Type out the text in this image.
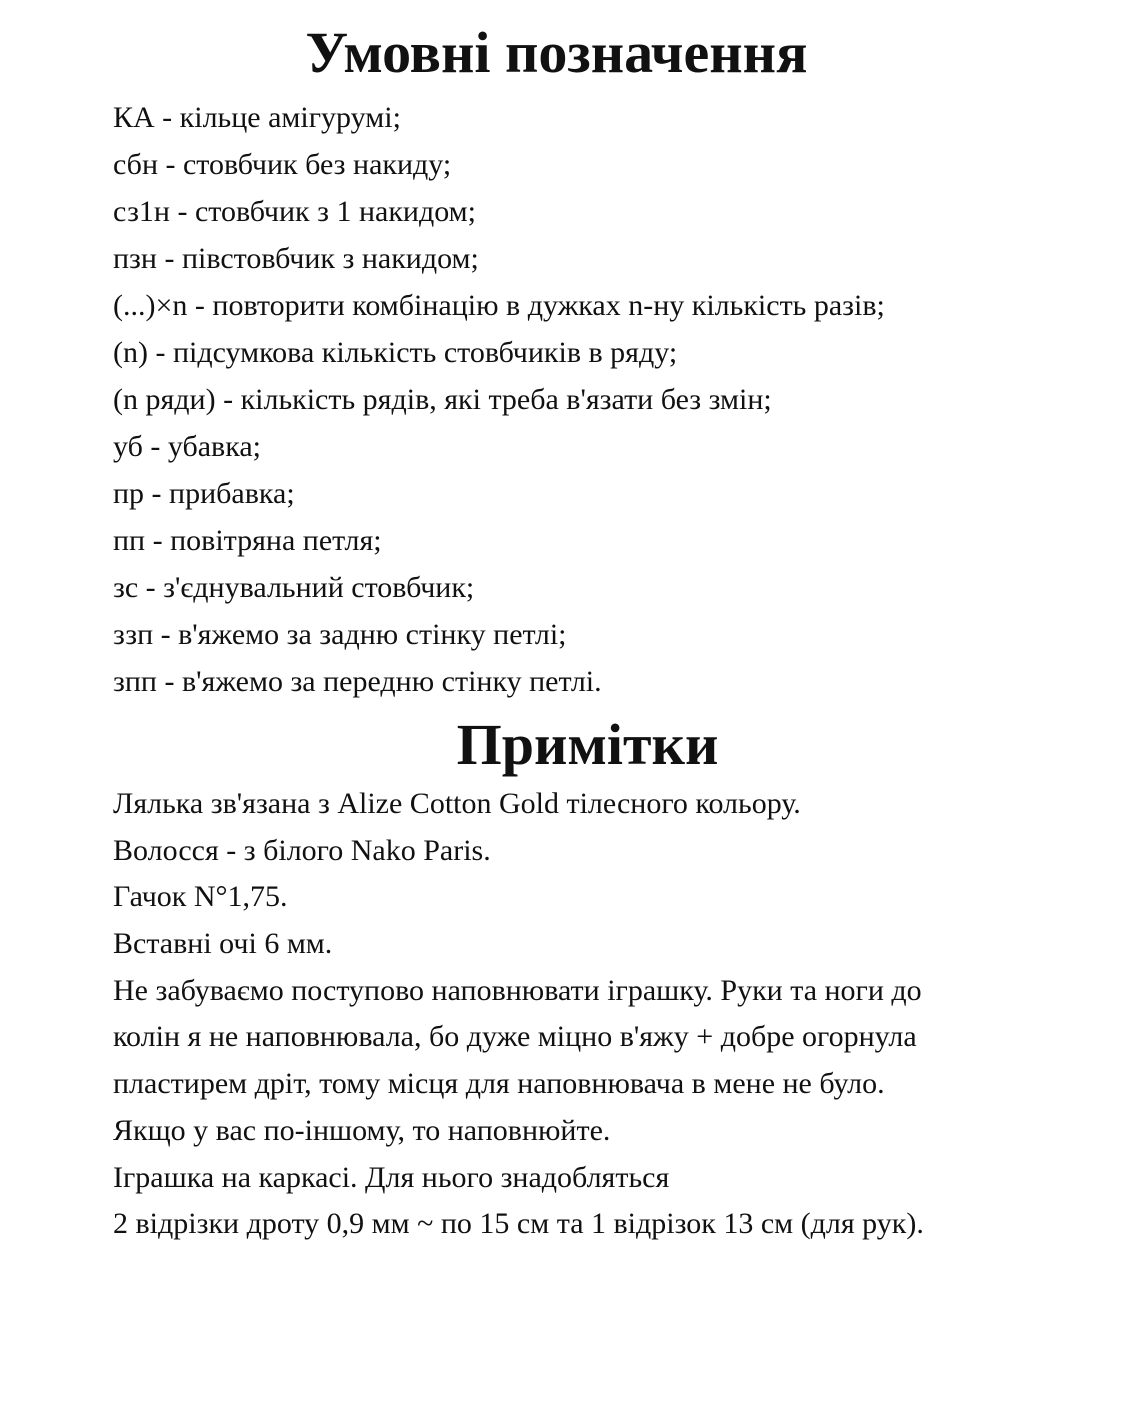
Умовні позначення
КА - кільце амігурумі;
сбн - стовбчик без накиду;
сз1н - стовбчик з 1 накидом;
пзн - півстовбчик з накидом;
(...)×n - повторити комбінацію в дужках n-ну кількість разів;
(n) - підсумкова кількість стовбчиків в ряду;
(n ряди) - кількість рядів, які треба в'язати без змін;
уб - убавка;
пр - прибавка;
пп - повітряна петля;
зс - з'єднувальний стовбчик;
ззп - в'яжемо за задню стінку петлі;
зпп - в'яжемо за передню стінку петлі.
Примітки
Лялька зв'язана з Alize Cotton Gold тілесного кольору.
Волосся - з білого Nako Paris.
Гачок N°1,75.
Вставні очі 6 мм.
Не забуваємо поступово наповнювати іграшку. Руки та ноги до
колін я не наповнювала, бо дуже міцно в'яжу + добре огорнула
пластирем дріт, тому місця для наповнювача в мене не було.
Якщо у вас по-іншому, то наповнюйте.
Іграшка на каркасі. Для нього знадобляться
2 відрізки дроту 0,9 мм ~ по 15 см та 1 відрізок 13 см (для рук).
